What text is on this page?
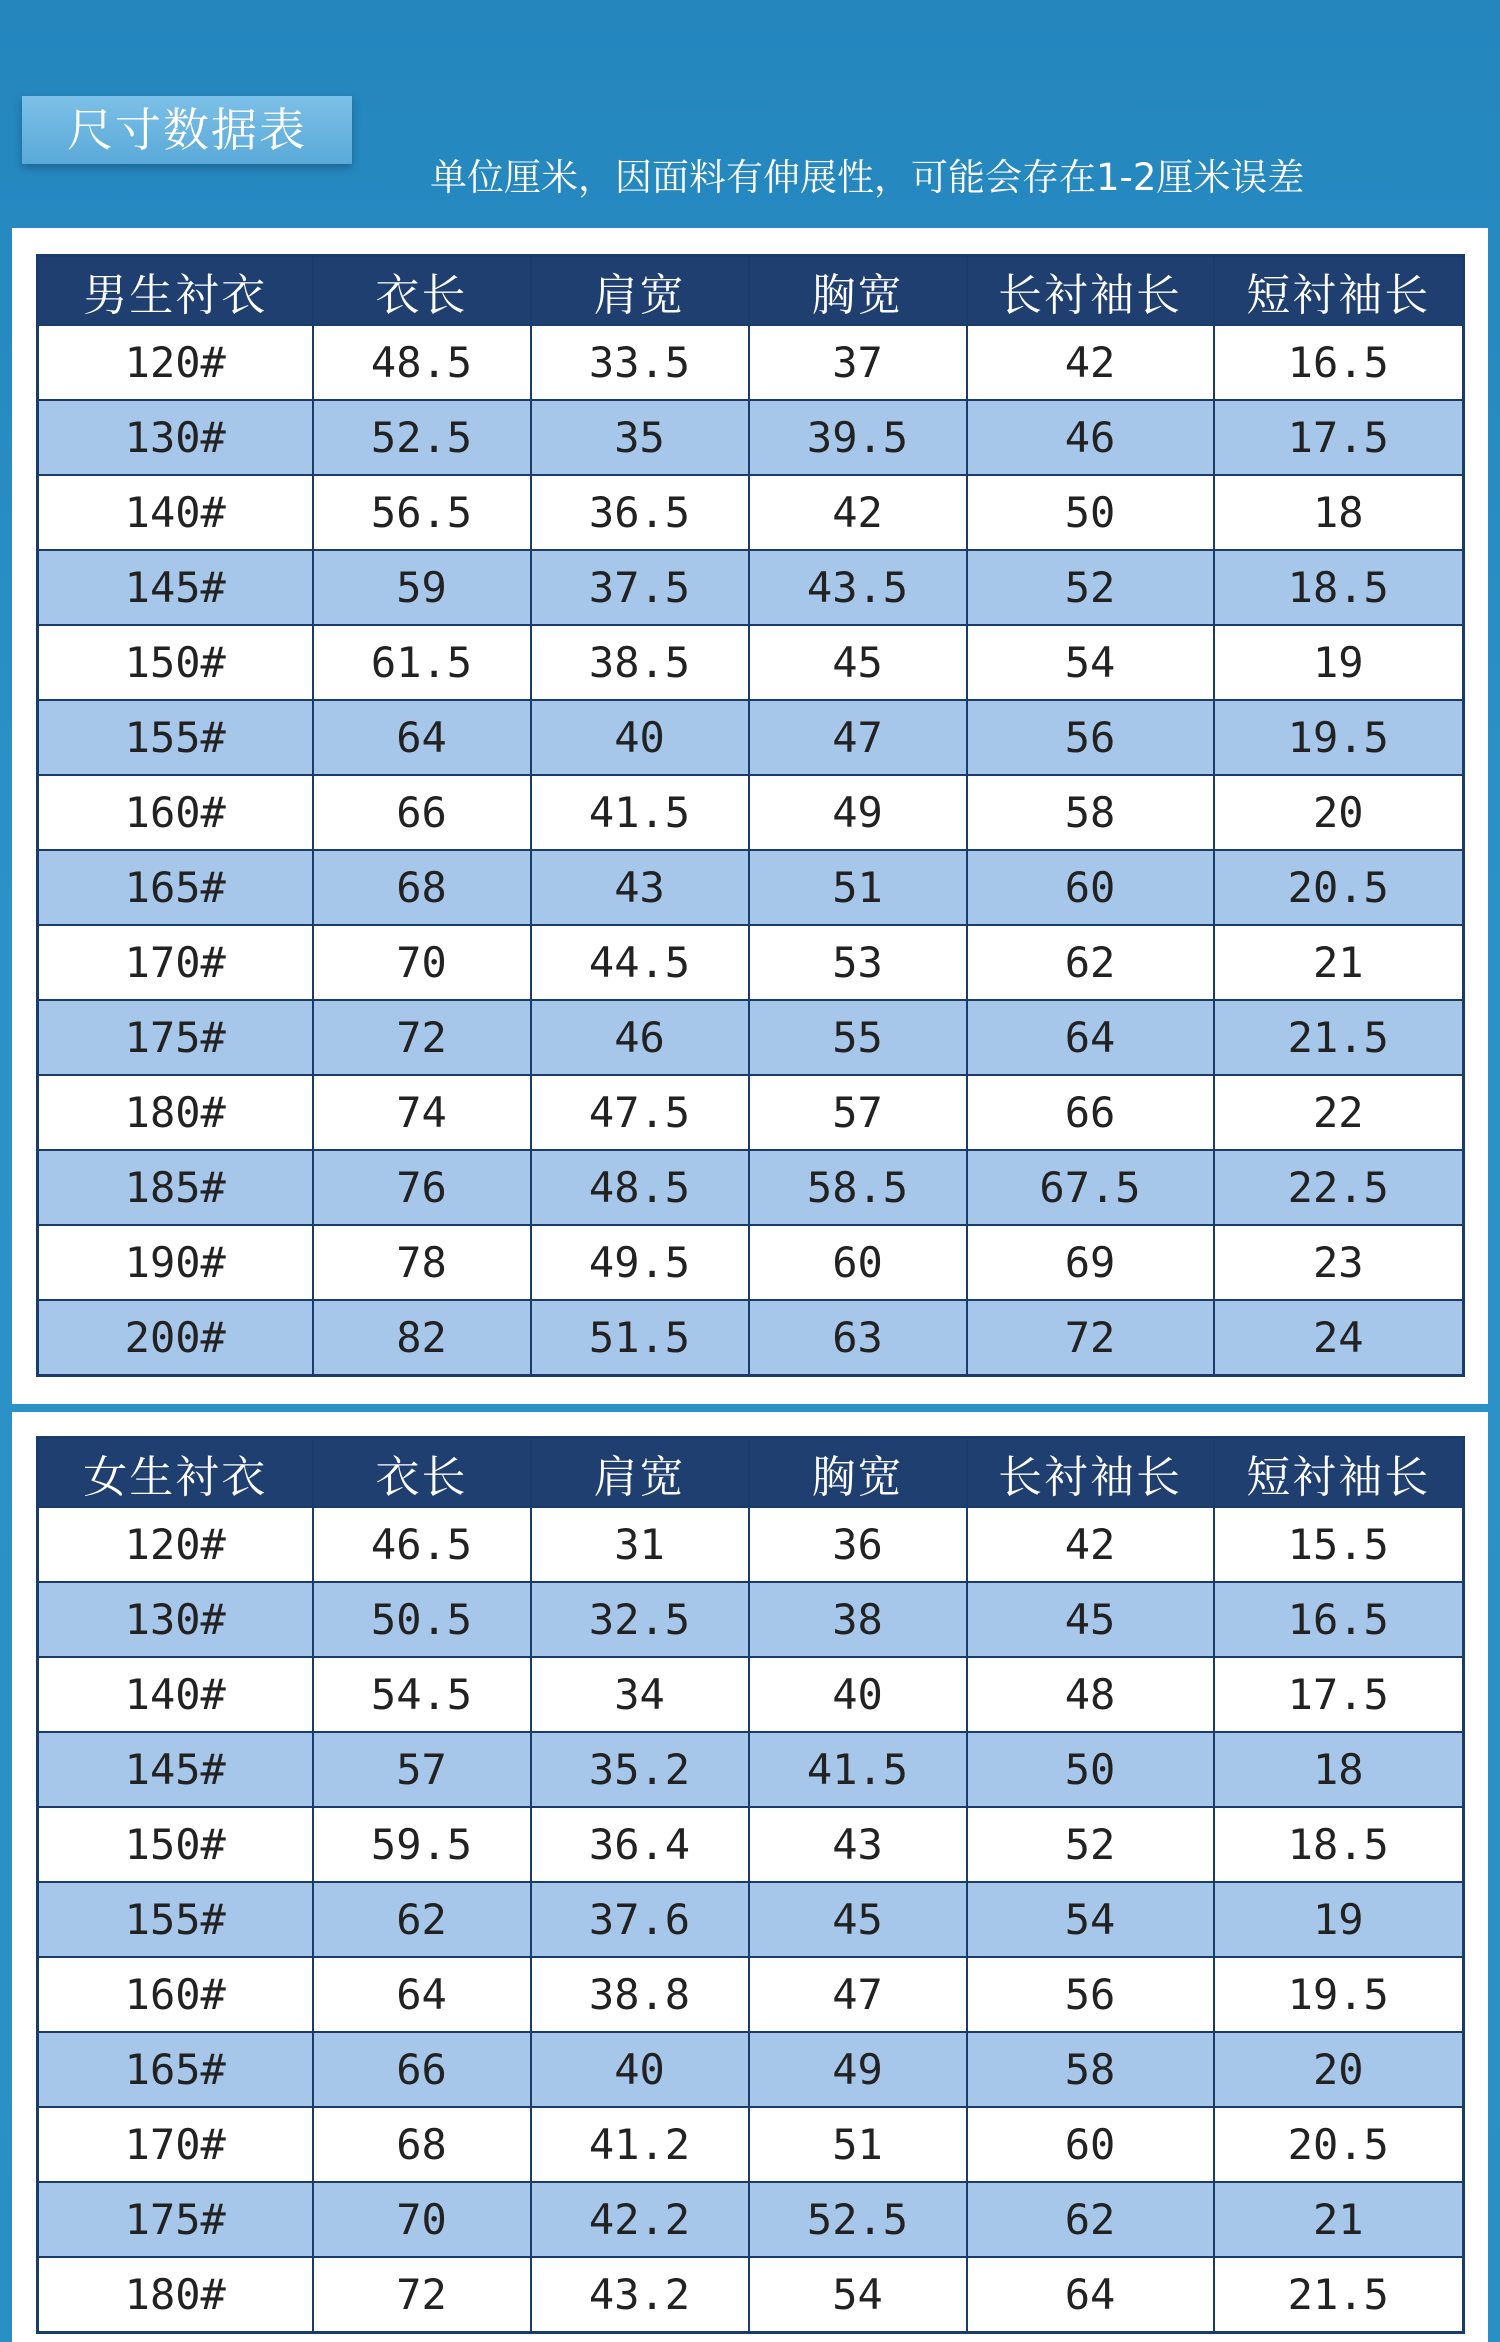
尺寸数据表
单位厘米，因面料有伸展性，可能会存在1-2厘米误差
男生衬衣	衣长	肩宽	胸宽	长衬袖长	短衬袖长
120#	48.5	33.5	37	42	16.5
130#	52.5	35	39.5	46	17.5
140#	56.5	36.5	42	50	18
145#	59	37.5	43.5	52	18.5
150#	61.5	38.5	45	54	19
155#	64	40	47	56	19.5
160#	66	41.5	49	58	20
165#	68	43	51	60	20.5
170#	70	44.5	53	62	21
175#	72	46	55	64	21.5
180#	74	47.5	57	66	22
185#	76	48.5	58.5	67.5	22.5
190#	78	49.5	60	69	23
200#	82	51.5	63	72	24
女生衬衣	衣长	肩宽	胸宽	长衬袖长	短衬袖长
120#	46.5	31	36	42	15.5
130#	50.5	32.5	38	45	16.5
140#	54.5	34	40	48	17.5
145#	57	35.2	41.5	50	18
150#	59.5	36.4	43	52	18.5
155#	62	37.6	45	54	19
160#	64	38.8	47	56	19.5
165#	66	40	49	58	20
170#	68	41.2	51	60	20.5
175#	70	42.2	52.5	62	21
180#	72	43.2	54	64	21.5
